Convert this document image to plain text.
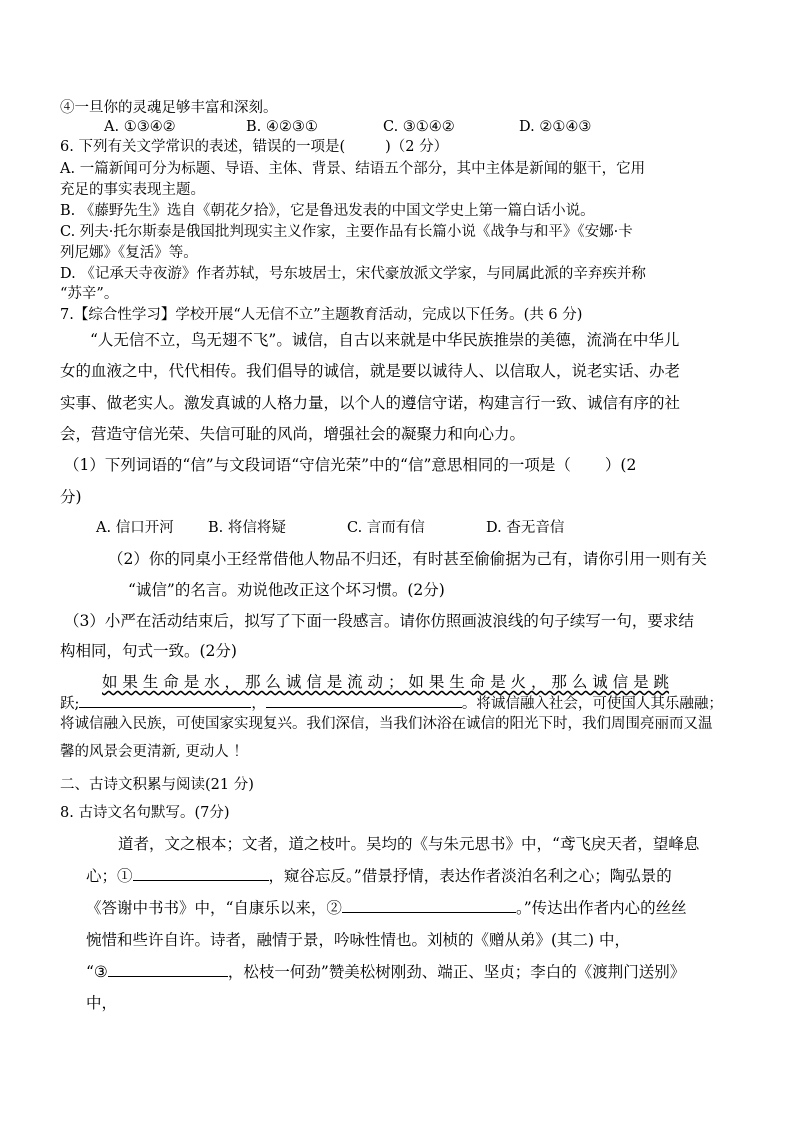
④一旦你的灵魂足够丰富和深刻。
A. ①③④②	B. ④②③①	C. ③①④②	D. ②①④③
6. 下列有关文学常识的表述，错误的一项是(	)（2 分）
A. 一篇新闻可分为标题、导语、主体、背景、结语五个部分，其中主体是新闻的躯干，它用
充足的事实表现主题。
B. 《藤野先生》选自《朝花夕拾》，它是鲁迅发表的中国文学史上第一篇白话小说。
C. 列夫·托尔斯泰是俄国批判现实主义作家，主要作品有长篇小说《战争与和平》《安娜·卡
列尼娜》《复活》等。
D. 《记承天寺夜游》作者苏轼，号东坡居士，宋代豪放派文学家，与同属此派的辛弃疾并称
“苏辛”。
7.【综合性学习】学校开展“人无信不立”主题教育活动，完成以下任务。(共 6 分)
“人无信不立，鸟无翅不飞”。诚信，自古以来就是中华民族推崇的美德，流淌在中华儿
女的血液之中，代代相传。我们倡导的诚信，就是要以诚待人、以信取人，说老实话、办老
实事、做老实人。激发真诚的人格力量，以个人的遵信守诺，构建言行一致、诚信有序的社
会，营造守信光荣、失信可耻的风尚，增强社会的凝聚力和向心力。
（1）下列词语的“信”与文段词语“守信光荣”中的“信”意思相同的一项是（ ）(2
分)
A. 信口开河 B. 将信将疑	C. 言而有信	D. 杳无音信
（2）你的同桌小王经常借他人物品不归还，有时甚至偷偷据为己有，请你引用一则有关
“诚信”的名言。劝说他改正这个坏习惯。(2分)
（3）小严在活动结束后，拟写了下面一段感言。请你仿照画波浪线的句子续写一句，要求结
构相同，句式一致。(2分)
如 果 生 命 是 水 ， 那 么 诚 信 是 流 动 ； 如 果 生 命 是 火 ， 那 么 诚 信 是 跳
跃;	，	。将诚信融入社会，可使国人其乐融融；
将诚信融入民族，可使国家实现复兴。我们深信，当我们沐浴在诚信的阳光下时，我们周围亮丽而又温
馨的风景会更清新, 更动人 ！
二、古诗文积累与阅读(21 分)
8. 古诗文名句默写。(7分)
道者，文之根本；文者，道之枝叶。吴均的《与朱元思书》中，“鸢飞戾天者，望峰息
心；①	，窥谷忘反。”借景抒情，表达作者淡泊名利之心；陶弘景的
《答谢中书书》中，“自康乐以来，②	。”传达出作者内心的丝丝
惋惜和些许自许。诗者，融情于景，吟咏性情也。刘桢的《赠从弟》(其二) 中，
“③	，松枝一何劲”赞美松树刚劲、端正、坚贞；李白的《渡荆门送别》
中，
